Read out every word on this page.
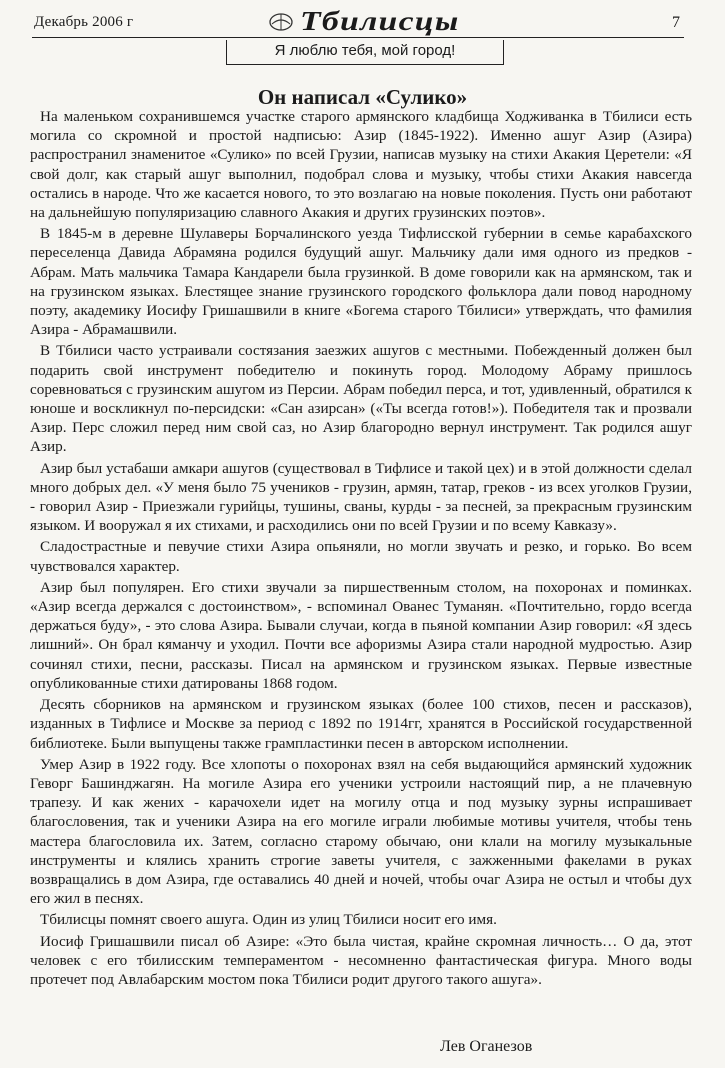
Декабрь 2006 г	Тбилисцы	7
Я люблю тебя, мой город!
Он написал «Сулико»

На маленьком сохранившемся участке старого армянского кладбища Ходживанка в Тбилиси есть могила со скромной и простой надписью: Азир (1845-1922). Именно ашуг Азир (Азира) распространил знаменитое «Сулико» по всей Грузии, написав музыку на стихи Акакия Церетели: «Я свой долг, как старый ашуг выполнил, подобрал слова и музыку, чтобы стихи Акакия навсегда остались в народе. Что же касается нового, то это возлагаю на новые поколения. Пусть они работают на дальнейшую популяризацию славного Акакия и других грузинских поэтов».

В 1845-м в деревне Шулаверы Борчалинского уезда Тифлисской губернии в семье карабахского переселенца Давида Абрамяна родился будущий ашуг. Мальчику дали имя одного из предков - Абрам. Мать мальчика Тамара Кандарели была грузинкой. В доме говорили как на армянском, так и на грузинском языках. Блестящее знание грузинского городского фольклора дали повод народному поэту, академику Иосифу Гришашвили в книге «Богема старого Тбилиси» утверждать, что фамилия Азира - Абрамашвили.

В Тбилиси часто устраивали состязания заезжих ашугов с местными. Побежденный должен был подарить свой инструмент победителю и покинуть город. Молодому Абраму пришлось соревноваться с грузинским ашугом из Персии. Абрам победил перса, и тот, удивленный, обратился к юноше и воскликнул по-персидски: «Сан азирсан» («Ты всегда готов!»). Победителя так и прозвали Азир. Перс сложил перед ним свой саз, но Азир благородно вернул инструмент. Так родился ашуг Азир.

Азир был устабаши амкари ашугов (существовал в Тифлисе и такой цех) и в этой должности сделал много добрых дел. «У меня было 75 учеников - грузин, армян, татар, греков - из всех уголков Грузии, - говорил Азир - Приезжали гурийцы, тушины, сваны, курды - за песней, за прекрасным грузинским языком. И вооружал я их стихами, и расходились они по всей Грузии и по всему Кавказу».

Сладострастные и певучие стихи Азира опьяняли, но могли звучать и резко, и горько. Во всем чувствовался характер.

Азир был популярен. Его стихи звучали за пиршественным столом, на похоронах и поминках. «Азир всегда держался с достоинством», - вспоминал Ованес Туманян. «Почтительно, гордо всегда держаться буду», - это слова Азира. Бывали случаи, когда в пьяной компании Азир говорил: «Я здесь лишний». Он брал кяманчу и уходил. Почти все афоризмы Азира стали народной мудростью. Азир сочинял стихи, песни, рассказы. Писал на армянском и грузинском языках. Первые известные опубликованные стихи датированы 1868 годом.

Десять сборников на армянском и грузинском языках (более 100 стихов, песен и рассказов), изданных в Тифлисе и Москве за период с 1892 по 1914гг, хранятся в Российской государственной библиотеке. Были выпущены также грампластинки песен в авторском исполнении.

Умер Азир в 1922 году. Все хлопоты о похоронах взял на себя выдающийся армянский художник Геворг Башинджагян. На могиле Азира его ученики устроили настоящий пир, а не плачевную трапезу. И как жених - карачохели идет на могилу отца и под музыку зурны испрашивает благословения, так и ученики Азира на его могиле играли любимые мотивы учителя, чтобы тень мастера благословила их. Затем, согласно старому обычаю, они клали на могилу музыкальные инструменты и клялись хранить строгие заветы учителя, с зажженными факелами в руках возвращались в дом Азира, где оставались 40 дней и ночей, чтобы очаг Азира не остыл и чтобы дух его жил в песнях.

Тбилисцы помнят своего ашуга. Один из улиц Тбилиси носит его имя.

Иосиф Гришашвили писал об Азире: «Это была чистая, крайне скромная личность… О да, этот человек с его тбилисским темпераментом - несомненно фантастическая фигура. Много воды протечет под Авлабарским мостом пока Тбилиси родит другого такого ашуга».

Лев Оганезов
